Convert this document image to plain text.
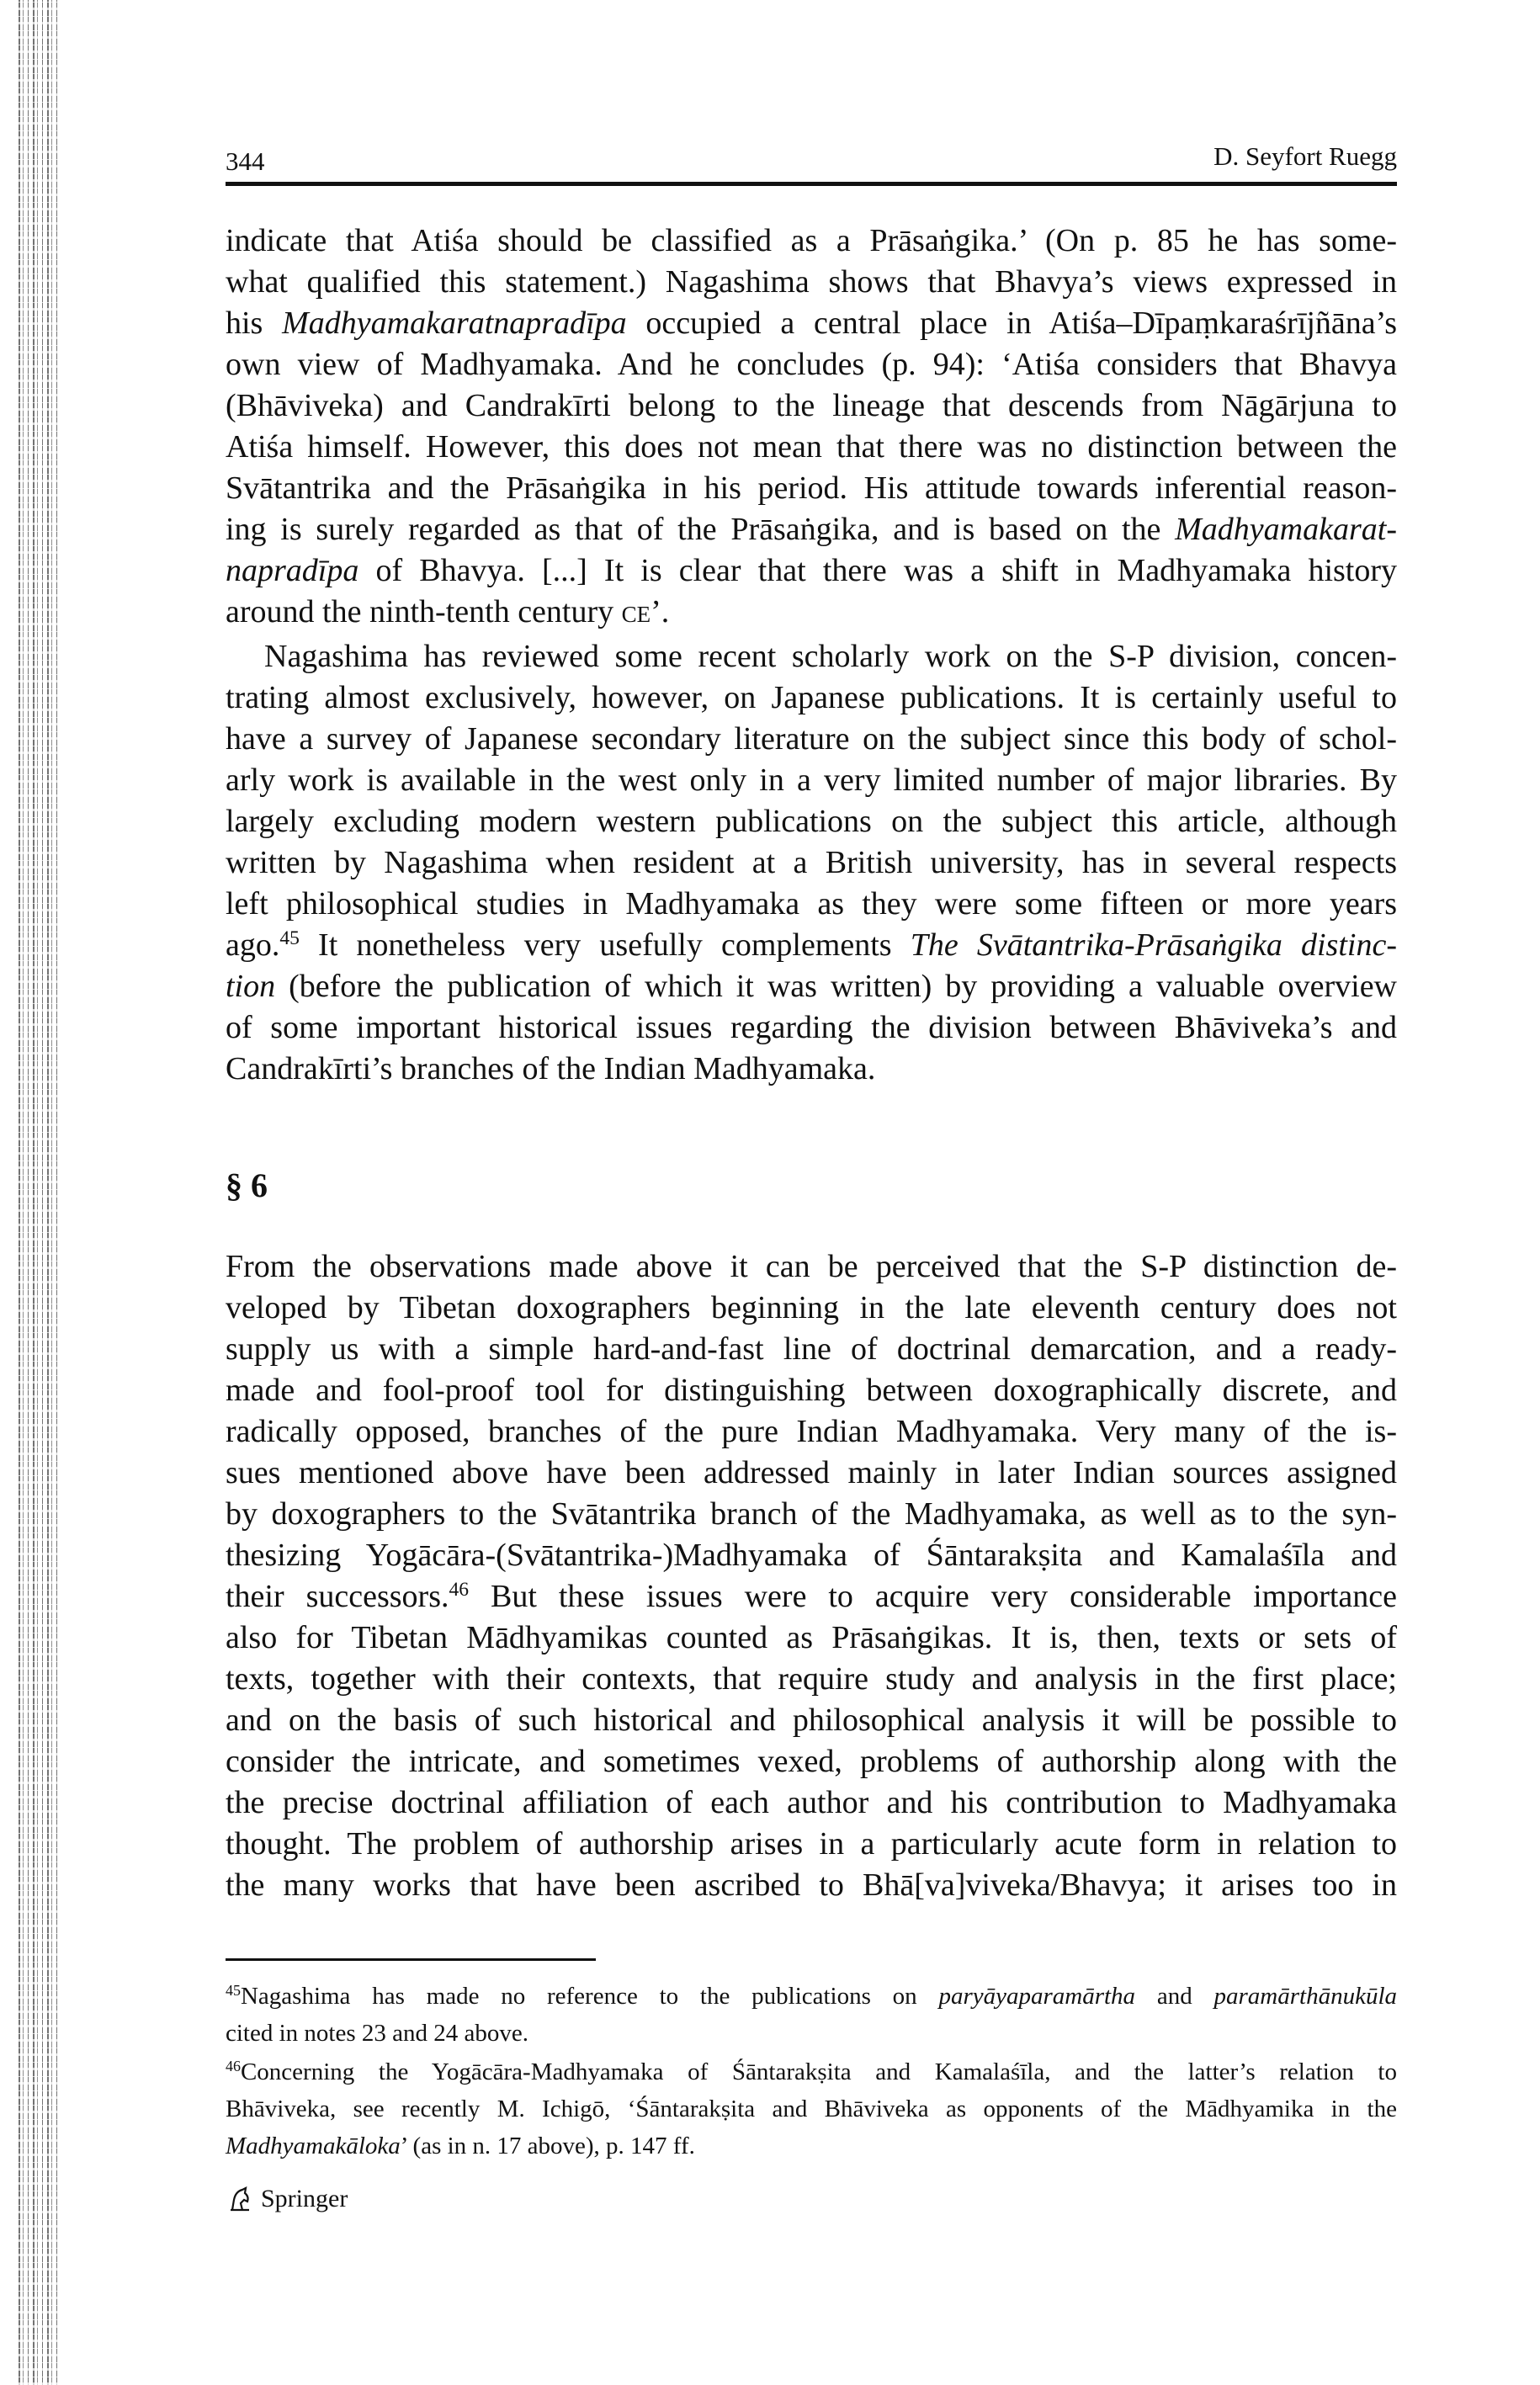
344	D. Seyfort Ruegg
indicate that Atiśa should be classified as a Prāsaṅgika.’ (On p. 85 he has some-
what qualified this statement.) Nagashima shows that Bhavya’s views expressed in
his Madhyamakaratnapradīpa occupied a central place in Atiśa–Dīpaṃkaraśrījñāna’s
own view of Madhyamaka. And he concludes (p. 94): ‘Atiśa considers that Bhavya
(Bhāviveka) and Candrakīrti belong to the lineage that descends from Nāgārjuna to
Atiśa himself. However, this does not mean that there was no distinction between the
Svātantrika and the Prāsaṅgika in his period. His attitude towards inferential reason-
ing is surely regarded as that of the Prāsaṅgika, and is based on the Madhyamakarat-
napradīpa of Bhavya. [...] It is clear that there was a shift in Madhyamaka history
around the ninth-tenth century ce’.
Nagashima has reviewed some recent scholarly work on the S-P division, concen-
trating almost exclusively, however, on Japanese publications. It is certainly useful to
have a survey of Japanese secondary literature on the subject since this body of schol-
arly work is available in the west only in a very limited number of major libraries. By
largely excluding modern western publications on the subject this article, although
written by Nagashima when resident at a British university, has in several respects
left philosophical studies in Madhyamaka as they were some fifteen or more years
ago.$^{45}$ It nonetheless very usefully complements The Svātantrika-Prāsaṅgika distinc-
tion (before the publication of which it was written) by providing a valuable overview
of some important historical issues regarding the division between Bhāviveka’s and
Candrakīrti’s branches of the Indian Madhyamaka.
§ 6
From the observations made above it can be perceived that the S-P distinction de-
veloped by Tibetan doxographers beginning in the late eleventh century does not
supply us with a simple hard-and-fast line of doctrinal demarcation, and a ready-
made and fool-proof tool for distinguishing between doxographically discrete, and
radically opposed, branches of the pure Indian Madhyamaka. Very many of the is-
sues mentioned above have been addressed mainly in later Indian sources assigned
by doxographers to the Svātantrika branch of the Madhyamaka, as well as to the syn-
thesizing Yogācāra-(Svātantrika-)Madhyamaka of Śāntarakṣita and Kamalaśīla and
their successors.$^{46}$ But these issues were to acquire very considerable importance
also for Tibetan Mādhyamikas counted as Prāsaṅgikas. It is, then, texts or sets of
texts, together with their contexts, that require study and analysis in the first place;
and on the basis of such historical and philosophical analysis it will be possible to
consider the intricate, and sometimes vexed, problems of authorship along with the
the precise doctrinal affiliation of each author and his contribution to Madhyamaka
thought. The problem of authorship arises in a particularly acute form in relation to
the many works that have been ascribed to Bhā[va]viveka/Bhavya; it arises too in
$^{45}$Nagashima has made no reference to the publications on paryāyaparamārtha and paramārthānukūla
cited in notes 23 and 24 above.
$^{46}$Concerning the Yogācāra-Madhyamaka of Śāntarakṣita and Kamalaśīla, and the latter’s relation to
Bhāviveka, see recently M. Ichigō, ‘Śāntarakṣita and Bhāviveka as opponents of the Mādhyamika in the
Madhyamakāloka’ (as in n. 17 above), p. 147 ff.
Springer
